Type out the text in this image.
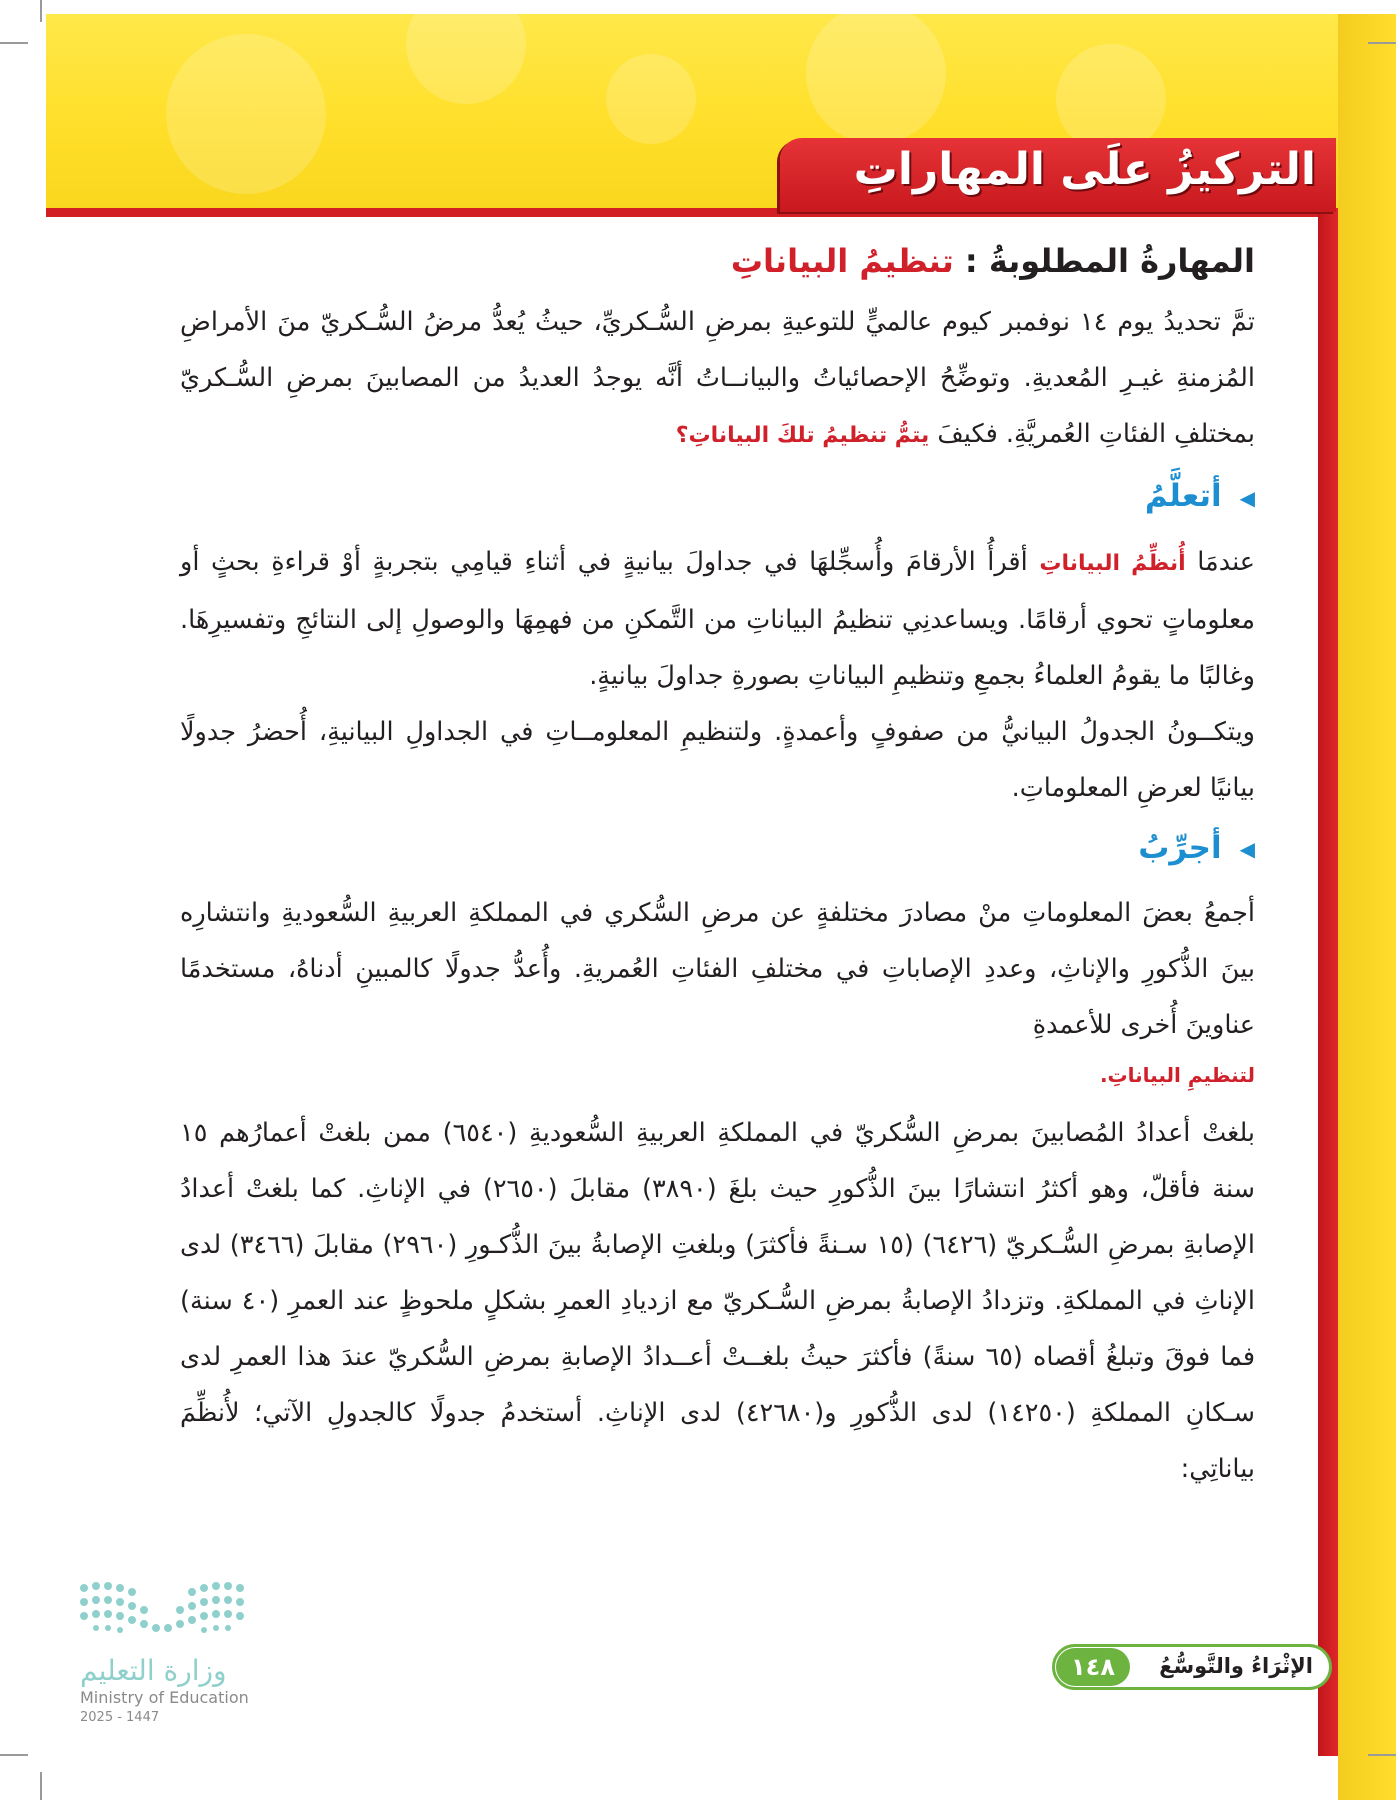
التركيزُ علَى المهاراتِ
المهارةُ المطلوبةُ : تنظيمُ البياناتِ

تمَّ تحديدُ يوم ١٤ نوفمبر كيوم عالميٍّ للتوعيةِ بمرضِ السُّـكريِّ، حيثُ يُعدُّ مرضُ السُّـكريّ منَ الأمراضِ المُزمنةِ غيـرِ المُعديةِ. وتوضِّحُ الإحصائياتُ والبيانــاتُ أنَّه يوجدُ العديدُ من المصابينَ بمرضِ السُّـكريّ بمختلفِ الفئاتِ العُمريَّةِ. فكيفَ يتمُّ تنظيمُ تلكَ البياناتِ؟

◀أتعلَّمُ

عندمَا أُنظِّمُ البياناتِ أقرأُ الأرقامَ وأُسجِّلهَا في جداولَ بيانيةٍ في أثناءِ قيامِي بتجربةٍ أوْ قراءةِ بحثٍ أو معلوماتٍ تحوي أرقامًا. ويساعدنِي تنظيمُ البياناتِ من التَّمكنِ من فهمِهَا والوصولِ إلى النتائجِ وتفسيرِهَا. وغالبًا ما يقومُ العلماءُ بجمعِ وتنظيمِ البياناتِ بصورةِ جداولَ بيانيةٍ.

ويتكــونُ الجدولُ البيانيُّ من صفوفٍ وأعمدةٍ. ولتنظيمِ المعلومــاتِ في الجداولِ البيانيةِ، أُحضرُ جدولًا بيانيًا لعرضِ المعلوماتِ.

◀أجرِّبُ

أجمعُ بعضَ المعلوماتِ منْ مصادرَ مختلفةٍ عن مرضِ السُّكري في المملكةِ العربيةِ السُّعوديةِ وانتشارِه بينَ الذُّكورِ والإناثِ، وعددِ الإصاباتِ في مختلفِ الفئاتِ العُمريةِ. وأُعدُّ جدولًا كالمبينِ أدناهُ، مستخدمًا عناوينَ أُخرى للأعمدةِ

لتنظيمِ البياناتِ.

بلغتْ أعدادُ المُصابينَ بمرضِ السُّكريّ في المملكةِ العربيةِ السُّعوديةِ (٦٥٤٠) ممن بلغتْ أعمارُهم ١٥ سنة فأقلّ، وهو أكثرُ انتشارًا بينَ الذُّكورِ حيث بلغَ (٣٨٩٠) مقابلَ (٢٦٥٠) في الإناثِ. كما بلغتْ أعدادُ الإصابةِ بمرضِ السُّـكريّ (٦٤٢٦) (١٥ سـنةً فأكثرَ) وبلغتِ الإصابةُ بينَ الذُّكـورِ (٢٩٦٠) مقابلَ (٣٤٦٦) لدى الإناثِ في المملكةِ. وتزدادُ الإصابةُ بمرضِ السُّـكريّ مع ازديادِ العمرِ بشكلٍ ملحوظٍ عند العمرِ (٤٠ سنة) فما فوقَ وتبلغُ أقصاه (٦٥ سنةً) فأكثرَ حيثُ بلغــتْ أعــدادُ الإصابةِ بمرضِ السُّكريّ عندَ هذا العمرِ لدى سـكانِ المملكةِ (١٤٢٥٠) لدى الذُّكورِ و(٤٢٦٨٠) لدى الإناثِ. أستخدمُ جدولًا كالجدولِ الآتي؛ لأُنظِّمَ بياناتِي:

وزارة التعليم

Ministry of Education

2025 - 1447

الإثْرَاءُ والتَّوسُّعُ

١٤٨
